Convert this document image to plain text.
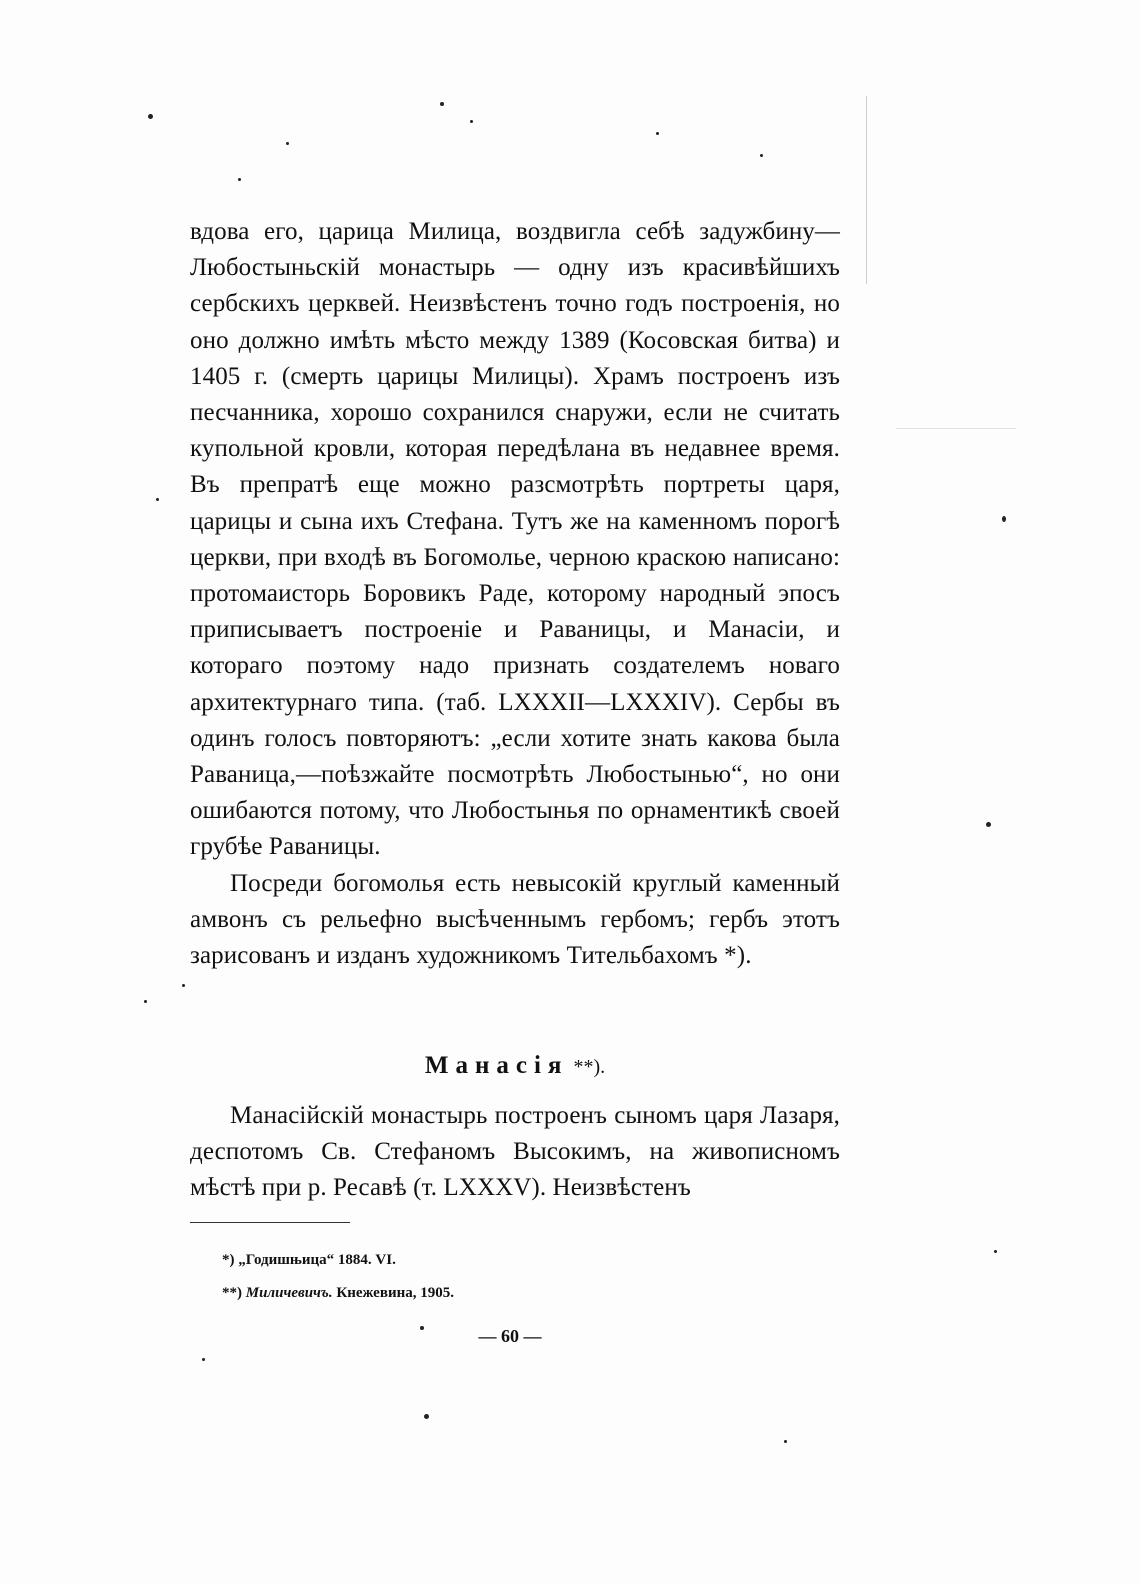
вдова его, царица Милица, воздвигла себѣ задужбину— Любостыньскій монастырь — одну изъ красивѣйшихъ сербскихъ церквей. Неизвѣстенъ точно годъ построенія, но оно должно имѣть мѣсто между 1389 (Косовская битва) и 1405 г. (смерть царицы Милицы). Храмъ построенъ изъ песчанника, хорошо сохранился снаружи, если не считать купольной кровли, которая передѣлана въ недавнее время. Въ препратѣ еще можно разсмотрѣть портреты царя, царицы и сына ихъ Стефана. Тутъ же на каменномъ порогѣ церкви, при входѣ въ Богомолье, черною краскою написано: протомаисторь Боровикъ Раде, которому народный эпосъ приписываетъ построеніе и Раваницы, и Манасіи, и котораго поэтому надо признать создателемъ новаго архитектурнаго типа. (таб. LXXXII—LXXXIV). Сербы въ одинъ голосъ повторяютъ: „если хотите знать какова была Раваница,—поѣзжайте посмотрѣть Любостынью“, но они ошибаются потому, что Любостынья по орнаментикѣ своей грубѣе Раваницы.

Посреди богомолья есть невысокій круглый каменный амвонъ съ рельефно высѣченнымъ гербомъ; гербъ этотъ зарисованъ и изданъ художникомъ Тительбахомъ *).

Манасія **).

Манасійскій монастырь построенъ сыномъ царя Лазаря, деспотомъ Св. Стефаномъ Высокимъ, на живописномъ мѣстѣ при р. Ресавѣ (т. LXXXV). Неизвѣстенъ

*) „Годишњица“ 1884. VI.
**) Миличевичъ. Кнежевина, 1905.
— 60 —
